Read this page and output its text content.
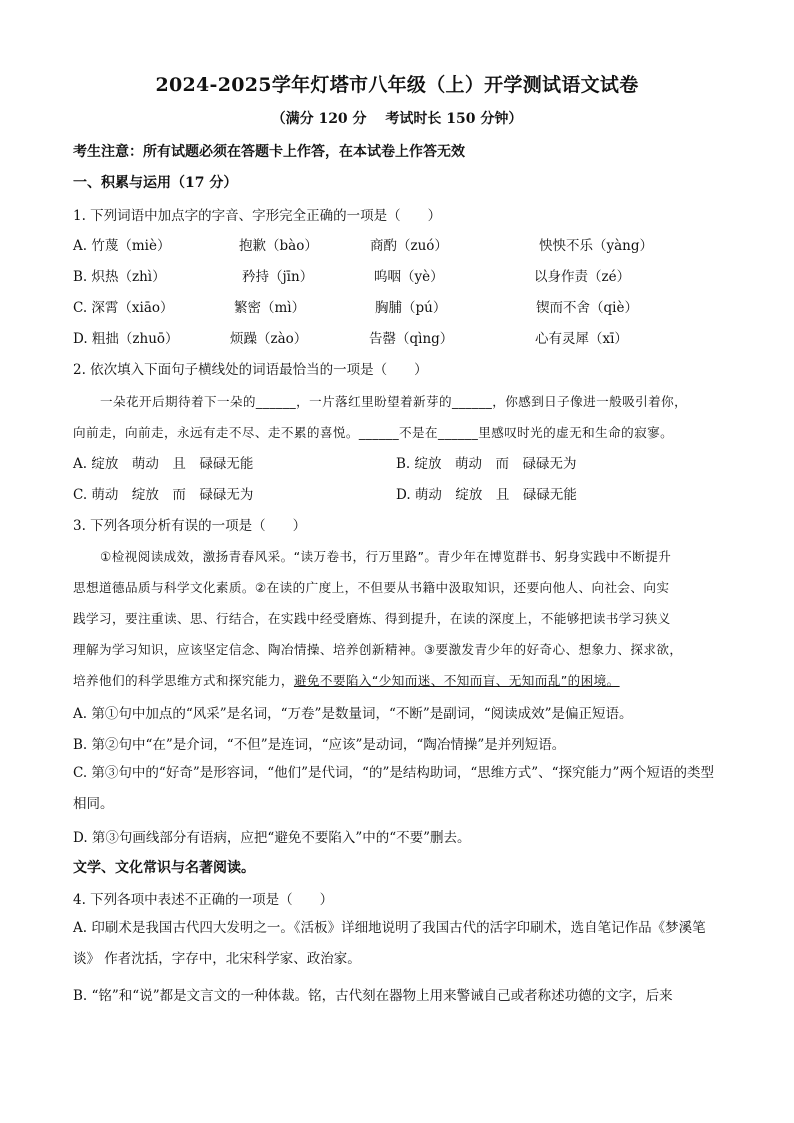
2024-2025学年灯塔市八年级（上）开学测试语文试卷
（满分 120 分　 考试时长 150 分钟）
考生注意：所有试题必须在答题卡上作答，在本试卷上作答无效
一、积累与运用（17 分）
1. 下列词语中加点字的字音、字形完全正确的一项是（　　）
A. 竹蔑（miè）	抱歉（bào）	商酌（zuó）	怏怏不乐（yàng）
B. 炽热（zhì）	矜持（jīn）	呜咽（yè）	以身作责（zé）
C. 深霄（xiāo）	繁密（mì）	胸脯（pú）	锲而不舍（qiè）
D. 粗拙（zhuō）	烦躁（zào）	告罄（qìng）	心有灵犀（xī）
2. 依次填入下面句子横线处的词语最恰当的一项是（　　）
一朵花开后期待着下一朵的______，一片落红里盼望着新芽的______，你感到日子像进一般吸引着你，
向前走，向前走，永远有走不尽、走不累的喜悦。______不是在______里感叹时光的虚无和生命的寂寥。
A. 绽放　萌动　且　碌碌无能	B. 绽放　萌动　而　碌碌无为
C. 萌动　绽放　而　碌碌无为	D. 萌动　绽放　且　碌碌无能
3. 下列各项分析有误的一项是（　　）
①检视阅读成效，激扬青春风采。“读万卷书，行万里路”。青少年在博览群书、躬身实践中不断提升
思想道德品质与科学文化素质。②在读的广度上，不但要从书籍中汲取知识，还要向他人、向社会、向实
践学习，要注重读、思、行结合，在实践中经受磨炼、得到提升，在读的深度上，不能够把读书学习狭义
理解为学习知识，应该坚定信念、陶冶情操、培养创新精神。③要激发青少年的好奇心、想象力、探求欲，
培养他们的科学思维方式和探究能力，避免不要陷入“少知而迷、不知而盲、无知而乱”的困境。
A. 第①句中加点的“风采”是名词，“万卷”是数量词，“不断”是副词，“阅读成效”是偏正短语。
B. 第②句中“在”是介词，“不但”是连词，“应该”是动词，“陶冶情操”是并列短语。
C. 第③句中的“好奇”是形容词，“他们”是代词，“的”是结构助词，“思维方式”、“探究能力”两个短语的类型相同。
D. 第③句画线部分有语病，应把“避免不要陷入”中的“不要”删去。
文学、文化常识与名著阅读。
4. 下列各项中表述不正确的一项是（　　）
A. 印刷术是我国古代四大发明之一。《活板》详细地说明了我国古代的活字印刷术，选自笔记作品《梦溪笔谈》 作者沈括，字存中，北宋科学家、政治家。
B. “铭”和“说”都是文言文的一种体裁。铭，古代刻在器物上用来警诫自己或者称述功德的文字，后来
